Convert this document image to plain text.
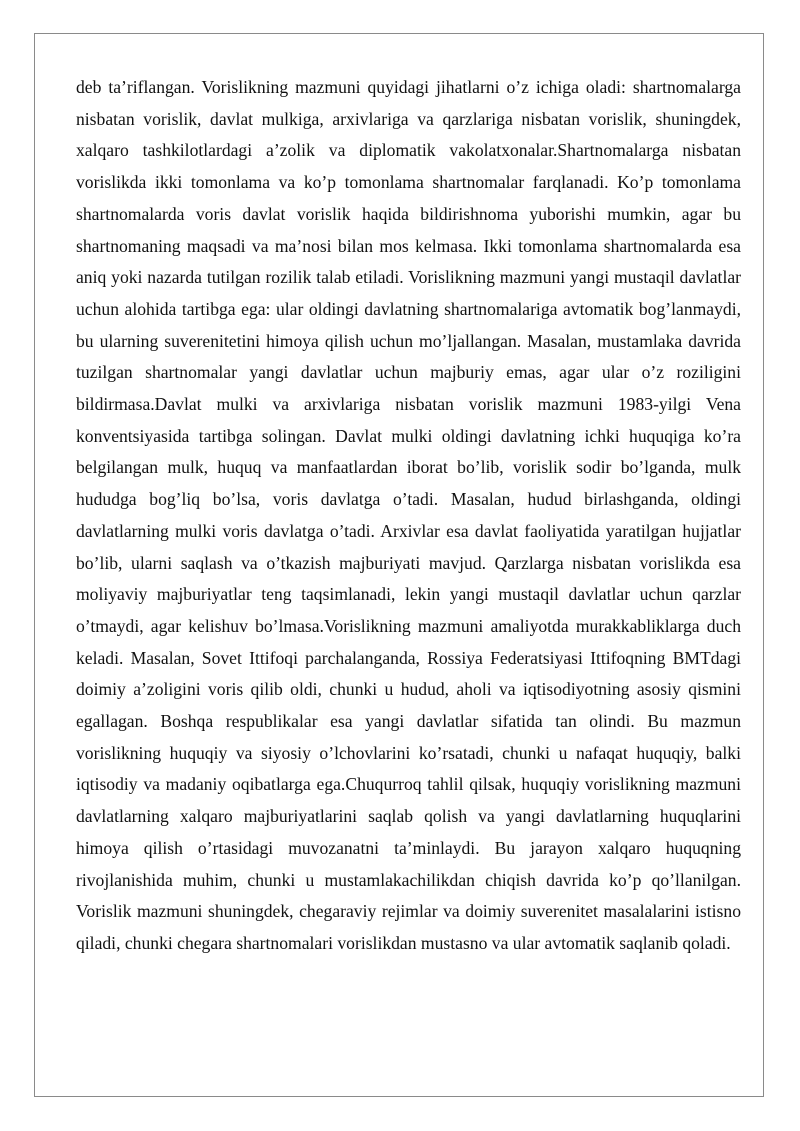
deb ta’riflangan. Vorislikning mazmuni quyidagi jihatlarni o’z ichiga oladi: shartnomalarga nisbatan vorislik, davlat mulkiga, arxivlariga va qarzlariga nisbatan vorislik, shuningdek, xalqaro tashkilotlardagi a’zolik va diplomatik vakolatxonalar.Shartnomalarga nisbatan vorislikda ikki tomonlama va ko’p tomonlama shartnomalar farqlanadi. Ko’p tomonlama shartnomalarda voris davlat vorislik haqida bildirishnoma yuborishi mumkin, agar bu shartnomaning maqsadi va ma’nosi bilan mos kelmasa. Ikki tomonlama shartnomalarda esa aniq yoki nazarda tutilgan rozilik talab etiladi. Vorislikning mazmuni yangi mustaqil davlatlar uchun alohida tartibga ega: ular oldingi davlatning shartnomalariga avtomatik bog’lanmaydi, bu ularning suverenitetini himoya qilish uchun mo’ljallangan. Masalan, mustamlaka davrida tuzilgan shartnomalar yangi davlatlar uchun majburiy emas, agar ular o’z roziligini bildirmasa.Davlat mulki va arxivlariga nisbatan vorislik mazmuni 1983-yilgi Vena konventsiyasida tartibga solingan. Davlat mulki oldingi davlatning ichki huquqiga ko’ra belgilangan mulk, huquq va manfaatlardan iborat bo’lib, vorislik sodir bo’lganda, mulk hududga bog’liq bo’lsa, voris davlatga o’tadi. Masalan, hudud birlashganda, oldingi davlatlarning mulki voris davlatga o’tadi. Arxivlar esa davlat faoliyatida yaratilgan hujjatlar bo’lib, ularni saqlash va o’tkazish majburiyati mavjud. Qarzlarga nisbatan vorislikda esa moliyaviy majburiyatlar teng taqsimlanadi, lekin yangi mustaqil davlatlar uchun qarzlar o’tmaydi, agar kelishuv bo’lmasa.Vorislikning mazmuni amaliyotda murakkabliklarga duch keladi. Masalan, Sovet Ittifoqi parchalanganda, Rossiya Federatsiyasi Ittifoqning BMTdagi doimiy a’zoligini voris qilib oldi, chunki u hudud, aholi va iqtisodiyotning asosiy qismini egallagan. Boshqa respublikalar esa yangi davlatlar sifatida tan olindi. Bu mazmun vorislikning huquqiy va siyosiy o’lchovlarini ko’rsatadi, chunki u nafaqat huquqiy, balki iqtisodiy va madaniy oqibatlarga ega.Chuqurroq tahlil qilsak, huquqiy vorislikning mazmuni davlatlarning xalqaro majburiyatlarini saqlab qolish va yangi davlatlarning huquqlarini himoya qilish o’rtasidagi muvozanatni ta’minlaydi. Bu jarayon xalqaro huquqning rivojlanishida muhim, chunki u mustamlakachilikdan chiqish davrida ko’p qo’llanilgan. Vorislik mazmuni shuningdek, chegaraviy rejimlar va doimiy suverenitet masalalarini istisno qiladi, chunki chegara shartnomalari vorislikdan mustasno va ular avtomatik saqlanib qoladi.
